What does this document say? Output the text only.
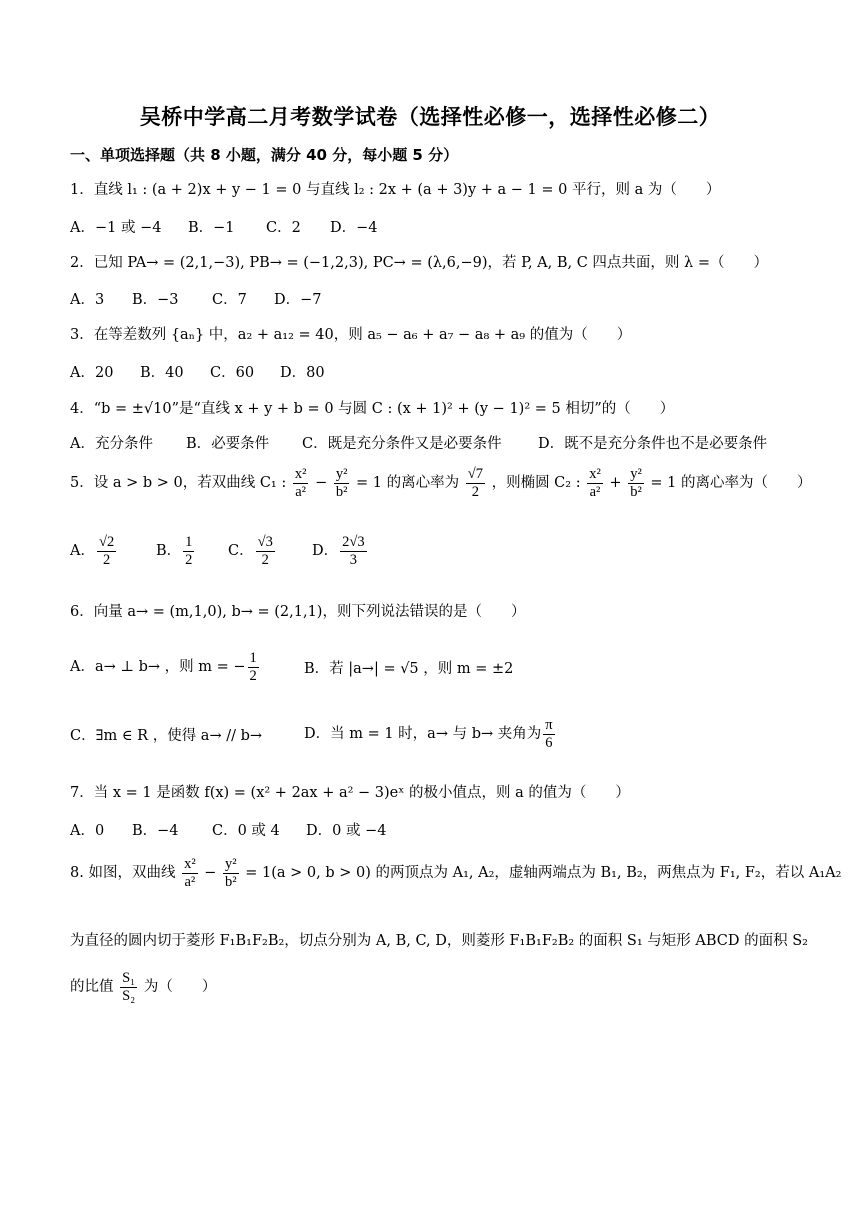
吴桥中学高二月考数学试卷（选择性必修一，选择性必修二）
一、单项选择题（共 8 小题，满分 40 分，每小题 5 分）
1．直线 l₁ : (a + 2)x + y − 1 = 0 与直线 l₂ : 2x + (a + 3)y + a − 1 = 0 平行，则 a 为（　　）
A．−1 或 −4	B．−1	C．2	D．−4
2．已知 PA→ = (2,1,−3), PB→ = (−1,2,3), PC→ = (λ,6,−9)，若 P, A, B, C 四点共面，则 λ =（　　）
A．3	B．−3	C．7	D．−7
3．在等差数列 {aₙ} 中，a₂ + a₁₂ = 40，则 a₅ − a₆ + a₇ − a₈ + a₉ 的值为（　　）
A．20	B．40	C．60	D．80
4．“b = ±√10”是“直线 x + y + b = 0 与圆 C : (x + 1)² + (y − 1)² = 5 相切”的（　　）
A．充分条件	B．必要条件	C．既是充分条件又是必要条件	D．既不是充分条件也不是必要条件
5．设 a > b > 0，若双曲线 C₁ : $\frac{\text{x²}}{\text{a²}} - \frac{\text{y²}}{\text{b²}} = 1$ 的离心率为 $\frac{√7}{2}$ ，则椭圆 C₂ : $\frac{\text{x²}}{\text{a²}} + \frac{\text{y²}}{\text{b²}} = 1$ 的离心率为（　　）
A． $\frac{√2}{2}$	B． $\frac{1}{2}$ C． $\frac{√3}{2}$	D． $\frac{2√3}{3}$
6．向量 a→ = (m,1,0), b→ = (2,1,1)，则下列说法错误的是（　　）
A．a→ ⊥ b→ ，则 m = − $\frac{1}{2}$	B．若 |a→| = √5 ，则 m = ±2
C．∃m ∈ R ，使得 a→ // b→	D．当 m = 1 时，a→ 与 b→ 夹角为 $\frac{\pi}{6}$
7．当 x = 1 是函数 f(x) = (x² + 2ax + a² − 3)eˣ 的极小值点，则 a 的值为（　　）
A．0	B．−4	C．0 或 4	D．0 或 −4
8. 如图，双曲线 $\frac{\text{x²}}{\text{a²}} - \frac{\text{y²}}{\text{b²}} = 1(a > 0$, b > 0) 的两顶点为 A₁, A₂，虚轴两端点为 B₁, B₂，两焦点为 F₁, F₂，若以 A₁A₂
为直径的圆内切于菱形 F₁B₁F₂B₂，切点分别为 A, B, C, D，则菱形 F₁B₁F₂B₂ 的面积 S₁ 与矩形 ABCD 的面积 S₂
的比值 $\frac{\text{S₁}}{\text{S₂}}$ 为（　　）
